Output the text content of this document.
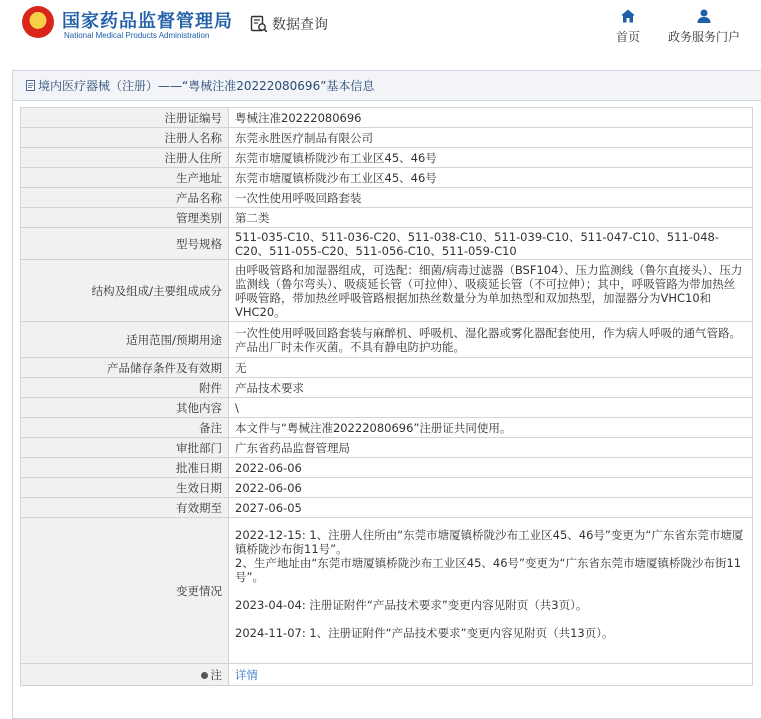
国家药品监督管理局
National Medical Products Administration
数据查询
首页	政务服务门户
境内医疗器械（注册）——“粤械注准20222080696”基本信息
注册证编号	粤械注准20222080696
注册人名称	东莞永胜医疗制品有限公司
注册人住所	东莞市塘厦镇桥陇沙布工业区45、46号
生产地址	东莞市塘厦镇桥陇沙布工业区45、46号
产品名称	一次性使用呼吸回路套装
管理类别	第二类
型号规格	511-035-C10、511-036-C20、511-038-C10、511-039-C10、511-047-C10、511-048-C20、511-055-C20、511-056-C10、511-059-C10
结构及组成/主要组成成分	由呼吸管路和加湿器组成，可选配：细菌/病毒过滤器（BSF104）、压力监测线（鲁尔直接头）、压力监测线（鲁尔弯头）、吸痰延长管（可拉伸）、吸痰延长管（不可拉伸）；其中，呼吸管路为带加热丝呼吸管路，带加热丝呼吸管路根据加热丝数量分为单加热型和双加热型，加湿器分为VHC10和VHC20。
适用范围/预期用途	一次性使用呼吸回路套装与麻醉机、呼吸机、湿化器或雾化器配套使用，作为病人呼吸的通气管路。产品出厂时未作灭菌。不具有静电防护功能。
产品储存条件及有效期	无
附件	产品技术要求
其他内容	\
备注	本文件与“粤械注准20222080696”注册证共同使用。
审批部门	广东省药品监督管理局
批准日期	2022-06-06
生效日期	2022-06-06
有效期至	2027-06-05
变更情况	2022-12-15: 1、注册人住所由“东莞市塘厦镇桥陇沙布工业区45、46号”变更为“广东省东莞市塘厦镇桥陇沙布街11号”。
2、生产地址由“东莞市塘厦镇桥陇沙布工业区45、46号”变更为“广东省东莞市塘厦镇桥陇沙布街11号”。
2023-04-04: 注册证附件“产品技术要求”变更内容见附页（共3页）。
2024-11-07: 1、注册证附件“产品技术要求”变更内容见附页（共13页）。

注	详情
